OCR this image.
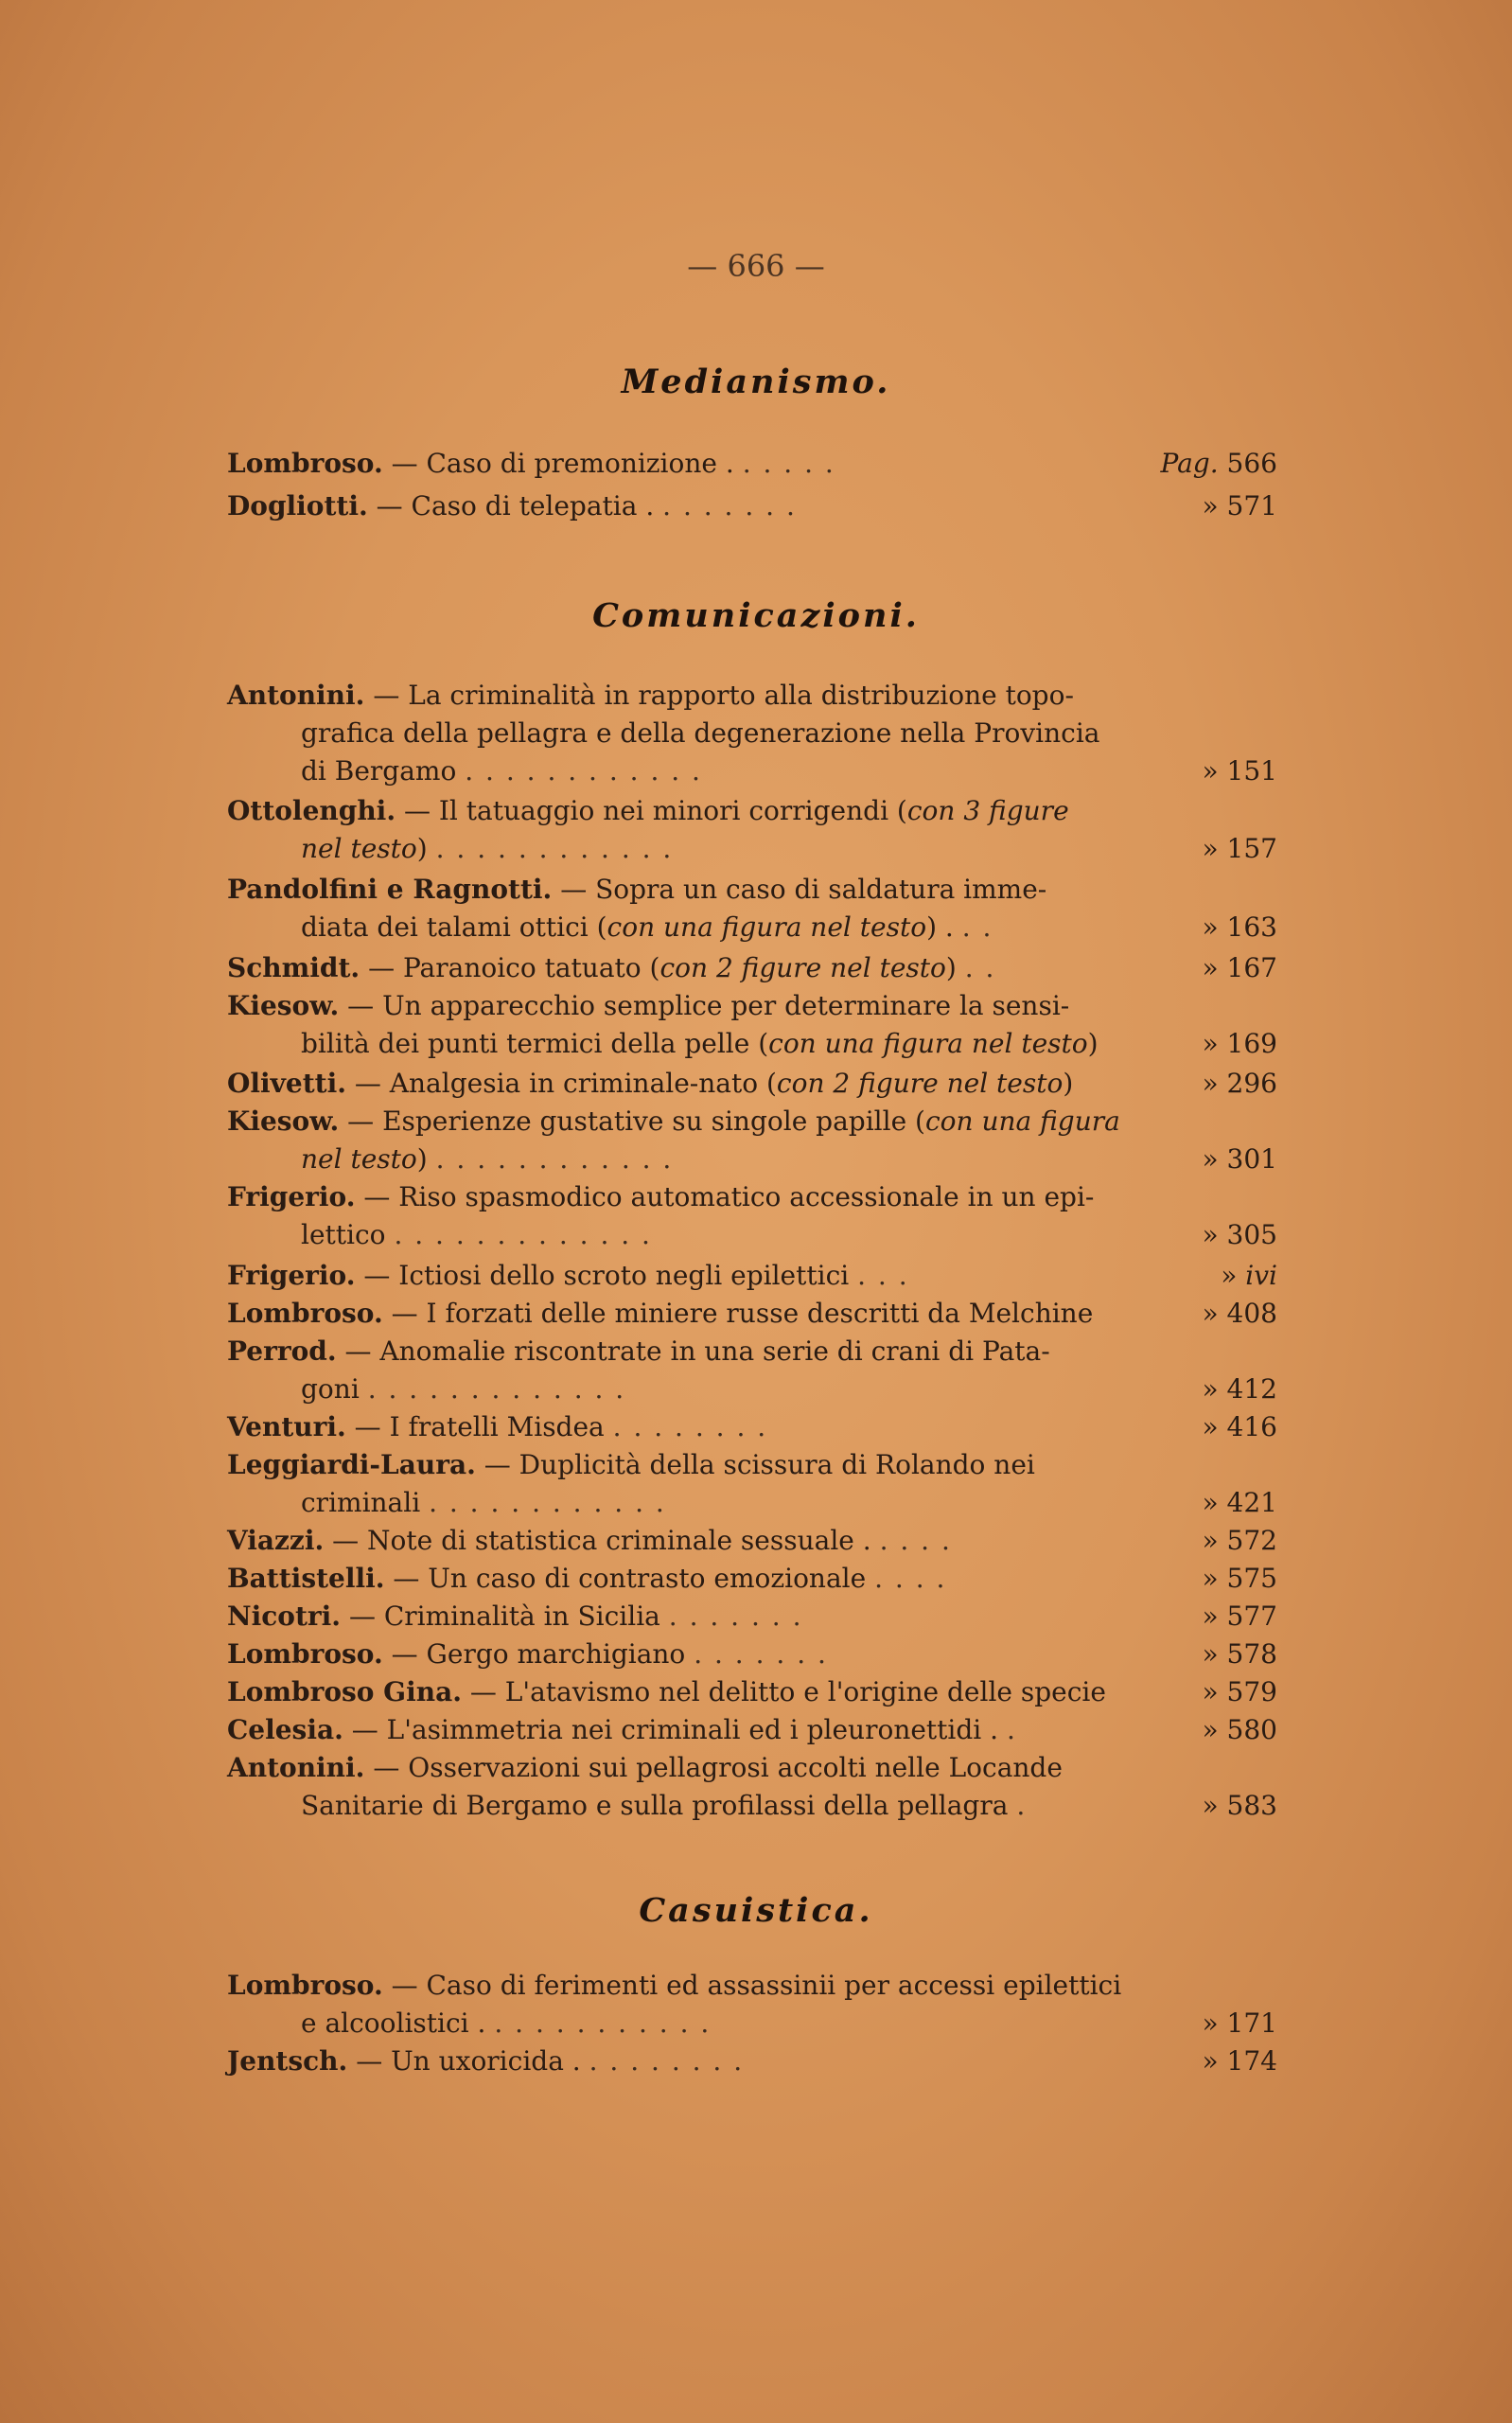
— 666 —
Medianismo.
Lombroso. — Caso di premonizione . . . . . .	Pag. 566
Dogliotti. — Caso di telepatia . . . . . . . .	» 571
Comunicazioni.
Antonini. — La criminalità in rapporto alla distribuzione topo-
grafica della pellagra e della degenerazione nella Provincia
di Bergamo . . . . . . . . . . . .	» 151
Ottolenghi. — Il tatuaggio nei minori corrigendi (con 3 figure
nel testo) . . . . . . . . . . . .	» 157
Pandolfini e Ragnotti. — Sopra un caso di saldatura imme-
diata dei talami ottici (con una figura nel testo) . . .	» 163
Schmidt. — Paranoico tatuato (con 2 figure nel testo) . .	» 167
Kiesow. — Un apparecchio semplice per determinare la sensi-
bilità dei punti termici della pelle (con una figura nel testo)	» 169
Olivetti. — Analgesia in criminale-nato (con 2 figure nel testo)	» 296
Kiesow. — Esperienze gustative su singole papille (con una figura
nel testo) . . . . . . . . . . . .	» 301
Frigerio. — Riso spasmodico automatico accessionale in un epi-
lettico . . . . . . . . . . . . .	» 305
Frigerio. — Ictiosi dello scroto negli epilettici . . .	» ivi
Lombroso. — I forzati delle miniere russe descritti da Melchine	» 408
Perrod. — Anomalie riscontrate in una serie di crani di Pata-
goni . . . . . . . . . . . . .	» 412
Venturi. — I fratelli Misdea . . . . . . . .	» 416
Leggiardi-Laura. — Duplicità della scissura di Rolando nei
criminali . . . . . . . . . . . .	» 421
Viazzi. — Note di statistica criminale sessuale . . . . .	» 572
Battistelli. — Un caso di contrasto emozionale . . . .	» 575
Nicotri. — Criminalità in Sicilia . . . . . . .	» 577
Lombroso. — Gergo marchigiano . . . . . . .	» 578
Lombroso Gina. — L'atavismo nel delitto e l'origine delle specie	» 579
Celesia. — L'asimmetria nei criminali ed i pleuronettidi . .	» 580
Antonini. — Osservazioni sui pellagrosi accolti nelle Locande
Sanitarie di Bergamo e sulla profilassi della pellagra .	» 583
Casuistica.
Lombroso. — Caso di ferimenti ed assassinii per accessi epilettici
e alcoolistici . . . . . . . . . . . .	» 171
Jentsch. — Un uxoricida . . . . . . . . .	» 174
